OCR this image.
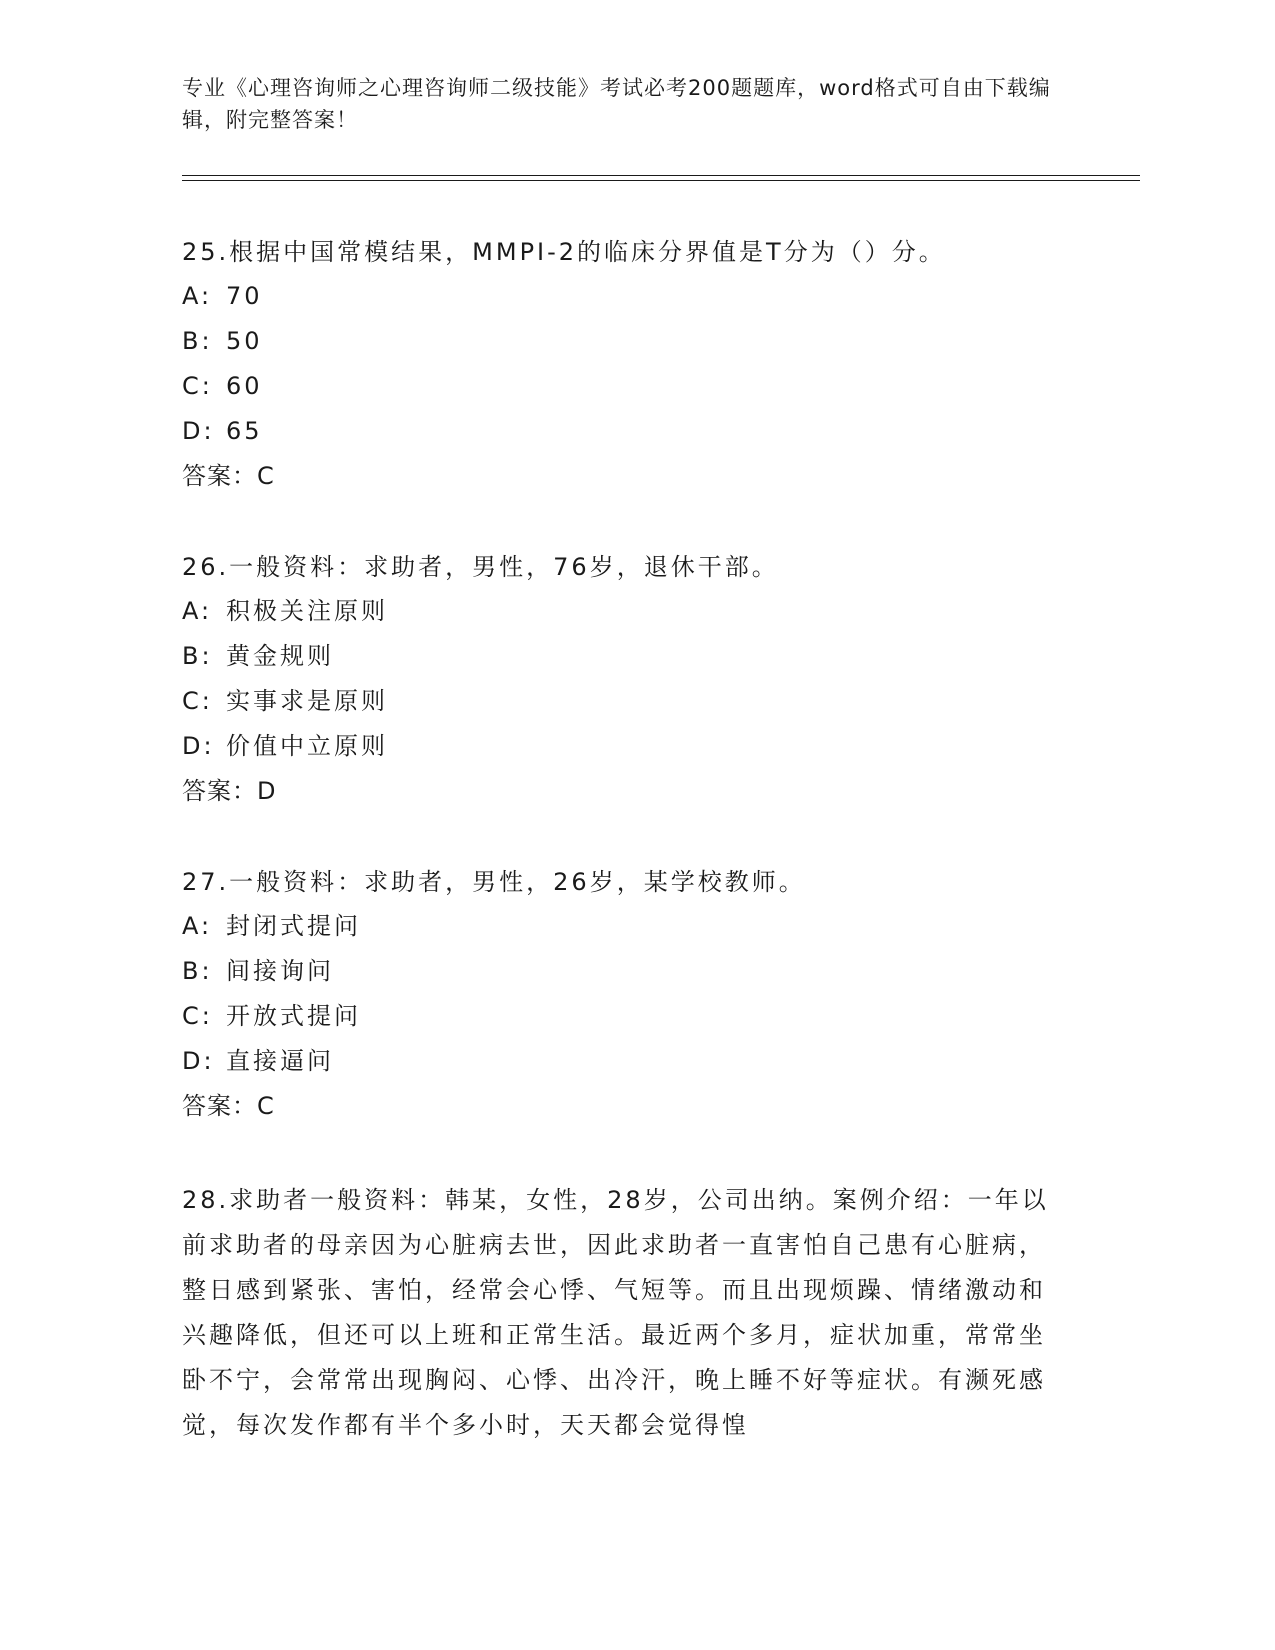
专业《心理咨询师之心理咨询师二级技能》考试必考200题题库，word格式可自由下载编辑，附完整答案！
25.根据中国常模结果，MMPI-2的临床分界值是T分为（）分。
A: 70
B: 50
C: 60
D: 65
答案：C
26.一般资料：求助者，男性，76岁，退休干部。
A: 积极关注原则
B: 黄金规则
C: 实事求是原则
D: 价值中立原则
答案：D
27.一般资料：求助者，男性，26岁，某学校教师。
A: 封闭式提问
B: 间接询问
C: 开放式提问
D: 直接逼问
答案：C
28.求助者一般资料：韩某，女性，28岁，公司出纳。案例介绍：一年以前求助者的母亲因为心脏病去世，因此求助者一直害怕自己患有心脏病，整日感到紧张、害怕，经常会心悸、气短等。而且出现烦躁、情绪激动和兴趣降低，但还可以上班和正常生活。最近两个多月，症状加重，常常坐卧不宁，会常常出现胸闷、心悸、出冷汗，晚上睡不好等症状。有濒死感觉，每次发作都有半个多小时，天天都会觉得惶
